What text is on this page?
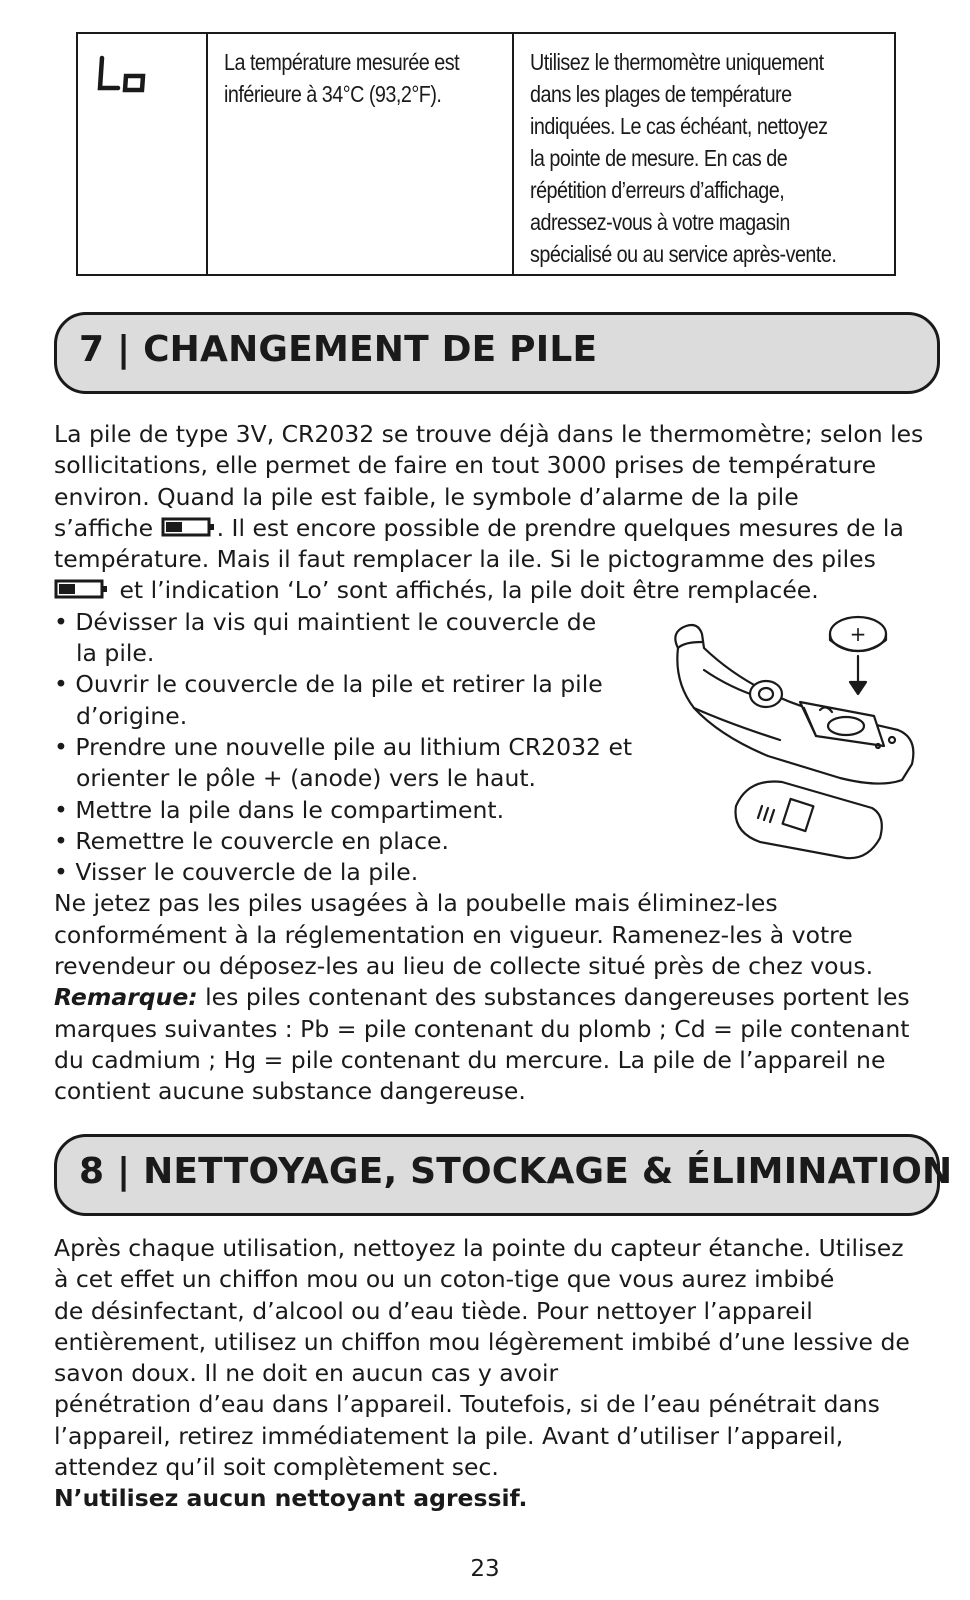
La température mesurée est
inférieure à 34°C (93,2°F).
Utilisez le thermomètre uniquement
dans les plages de température
indiquées. Le cas échéant, nettoyez
la pointe de mesure. En cas de
répétition d’erreurs d’affichage,
adressez-vous à votre magasin
spécialisé ou au service après-vente.
7 | CHANGEMENT DE PILE
La pile de type 3V, CR2032 se trouve déjà dans le thermomètre; selon les
sollicitations, elle permet de faire en tout 3000 prises de température
environ. Quand la pile est faible, le symbole d’alarme de la pile
s’affiche . Il est encore possible de prendre quelques mesures de la
température. Mais il faut remplacer la ile. Si le pictogramme des piles
et l’indication ‘Lo’ sont affichés, la pile doit être remplacée.
• Dévisser la vis qui maintient le couvercle de
la pile.
• Ouvrir le couvercle de la pile et retirer la pile
d’origine.
• Prendre une nouvelle pile au lithium CR2032 et
orienter le pôle + (anode) vers le haut.
• Mettre la pile dans le compartiment.
• Remettre le couvercle en place.
• Visser le couvercle de la pile.
Ne jetez pas les piles usagées à la poubelle mais éliminez-les
conformément à la réglementation en vigueur. Ramenez-les à votre
revendeur ou déposez-les au lieu de collecte situé près de chez vous.
Remarque: les piles contenant des substances dangereuses portent les
marques suivantes : Pb = pile contenant du plomb ; Cd = pile contenant
du cadmium ; Hg = pile contenant du mercure. La pile de l’appareil ne
contient aucune substance dangereuse.
+
8 | NETTOYAGE, STOCKAGE & ÉLIMINATION
Après chaque utilisation, nettoyez la pointe du capteur étanche. Utilisez
à cet effet un chiffon mou ou un coton-tige que vous aurez imbibé
de désinfectant, d’alcool ou d’eau tiède. Pour nettoyer l’appareil
entièrement, utilisez un chiffon mou légèrement imbibé d’une lessive de
savon doux. Il ne doit en aucun cas y avoir
pénétration d’eau dans l’appareil. Toutefois, si de l’eau pénétrait dans
l’appareil, retirez immédiatement la pile. Avant d’utiliser l’appareil,
attendez qu’il soit complètement sec.
N’utilisez aucun nettoyant agressif.
23
